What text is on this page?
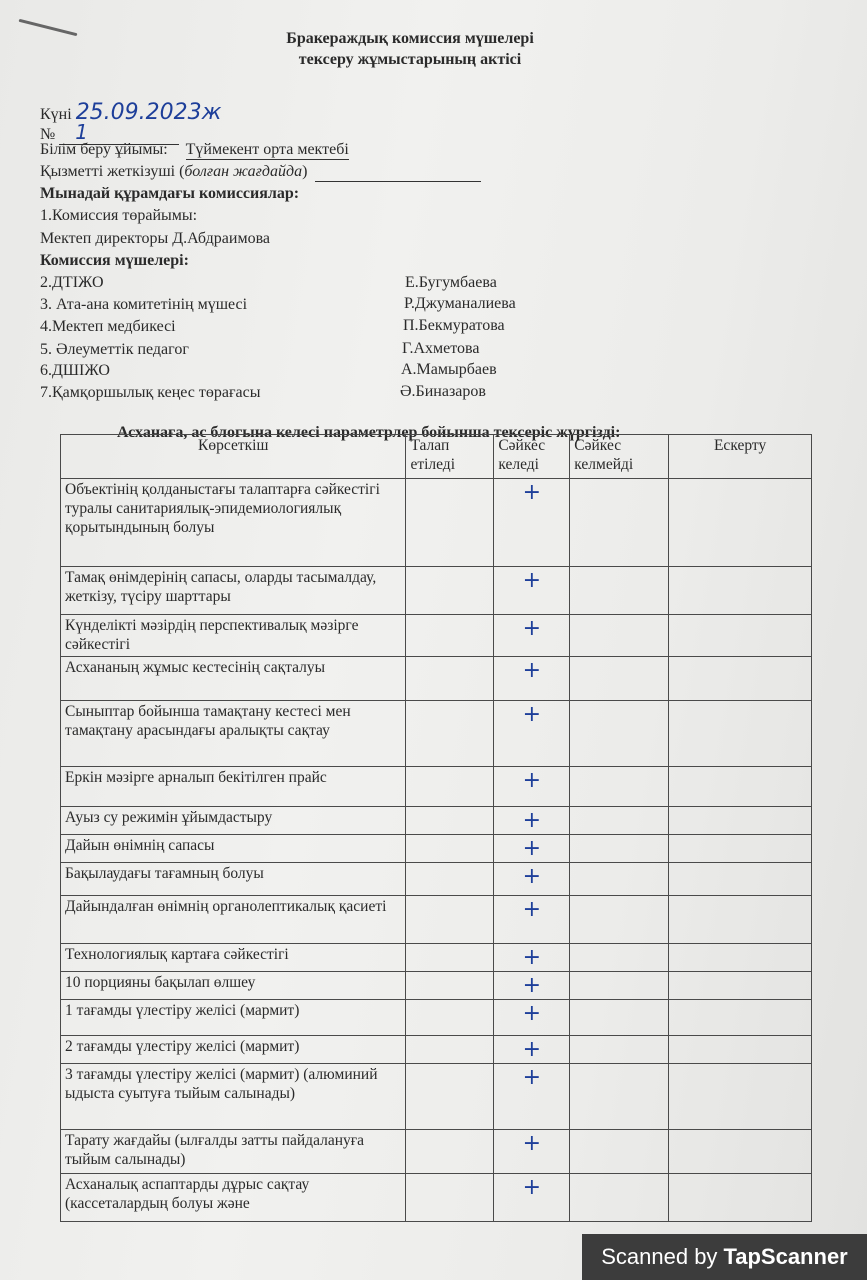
Бракераждық комиссия мүшелері
тексеру жұмыстарының актісі
Күні 25.09.2023ж
№ 1
Білім беру ұйымы: Түймекент орта мектебі
Қызметті жеткізуші (болған жағдайда)
Мынадай құрамдағы комиссиялар:
1.Комиссия төрайымы:
Мектеп директоры Д.Абдраимова
Комиссия мүшелері:
2.ДТІЖО	Е.Бугумбаева
3. Ата-ана комитетінің мүшесі	Р.Джуманалиева
4.Мектеп медбикесі	П.Бекмуратова
5. Әлеуметтік педагог	Г.Ахметова
6.ДШІЖО	А.Мамырбаев
7.Қамқоршылық кеңес төрағасы	Ә.Биназаров
Асханаға, ас блогына келесі параметрлер бойынша тексеріс жүргізді:
Көрсеткіш	Талап етіледі	Сәйкес келеді	Сәйкес келмейді	Ескерту
Объектінің қолданыстағы талаптарға сәйкестігі туралы санитариялық-эпидемиологиялық қорытындының болуы		+		
Тамақ өнімдерінің сапасы, оларды тасымалдау, жеткізу, түсіру шарттары		+		
Күнделікті мәзірдің перспективалық мәзірге сәйкестігі		+		
Асхананың жұмыс кестесінің сақталуы		+		
Сыныптар бойынша тамақтану кестесі мен тамақтану арасындағы аралықты сақтау		+		
Еркін мәзірге арналып бекітілген прайс		+		
Ауыз су режимін ұйымдастыру		+		
Дайын өнімнің сапасы		+		
Бақылаудағы тағамның болуы		+		
Дайындалған өнімнің органолептикалық қасиеті		+		
Технологиялық картаға сәйкестігі		+		
10 порцияны бақылап өлшеу		+		
1 тағамды үлестіру желісі (мармит)		+		
2 тағамды үлестіру желісі (мармит)		+		
3 тағамды үлестіру желісі (мармит) (алюминий ыдыста суытуға тыйым салынады)		+		
Тарату жағдайы (ылғалды затты пайдалануға тыйым салынады)		+		
Асханалық аспаптарды дұрыс сақтау (кассеталардың болуы және		+		
Scanned by TapScanner
